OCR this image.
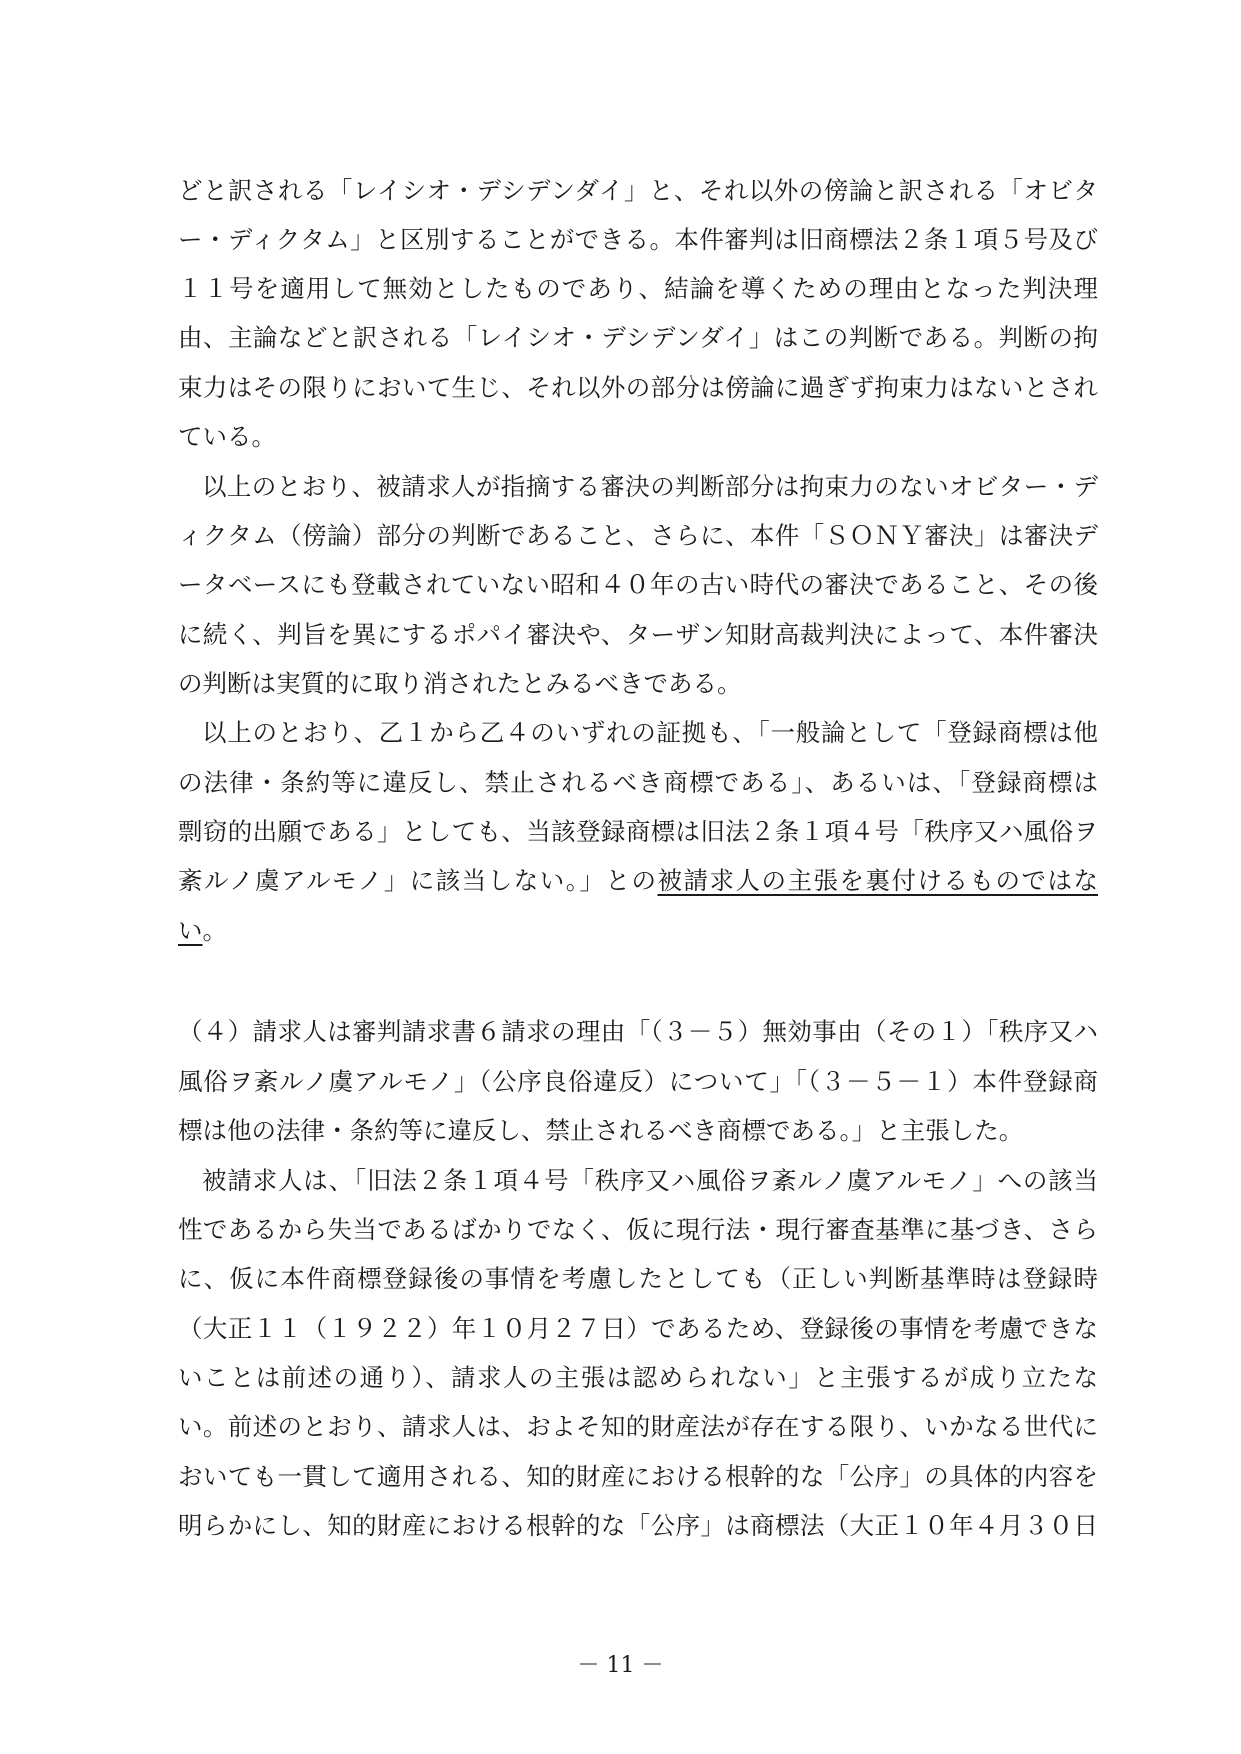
どと訳される「レイシオ・デシデンダイ」と、それ以外の傍論と訳される「オビタ
ー・ディクタム」と区別することができる。本件審判は旧商標法２条１項５号及び
１１号を適用して無効としたものであり、結論を導くための理由となった判決理
由、主論などと訳される「レイシオ・デシデンダイ」はこの判断である。判断の拘
束力はその限りにおいて生じ、それ以外の部分は傍論に過ぎず拘束力はないとされ
ている。
以上のとおり、被請求人が指摘する審決の判断部分は拘束力のないオビター・デ
ィクタム（傍論）部分の判断であること、さらに、本件「ＳＯＮＹ審決」は審決デ
ータベースにも登載されていない昭和４０年の古い時代の審決であること、その後
に続く、判旨を異にするポパイ審決や、ターザン知財高裁判決によって、本件審決
の判断は実質的に取り消されたとみるべきである。
以上のとおり、乙１から乙４のいずれの証拠も、「一般論として「登録商標は他
の法律・条約等に違反し、禁止されるべき商標である」、あるいは、「登録商標は
剽窃的出願である」としても、当該登録商標は旧法２条１項４号「秩序又ハ風俗ヲ
紊ルノ虞アルモノ」に該当しない。」との被請求人の主張を裏付けるものではな
い。
（４）請求人は審判請求書６請求の理由「（３－５）無効事由（その１）「秩序又ハ
風俗ヲ紊ルノ虞アルモノ」（公序良俗違反）について」「（３－５－１）本件登録商
標は他の法律・条約等に違反し、禁止されるべき商標である。」と主張した。
被請求人は、「旧法２条１項４号「秩序又ハ風俗ヲ紊ルノ虞アルモノ」への該当
性であるから失当であるばかりでなく、仮に現行法・現行審査基準に基づき、さら
に、仮に本件商標登録後の事情を考慮したとしても（正しい判断基準時は登録時
（大正１１（１９２２）年１０月２７日）であるため、登録後の事情を考慮できな
いことは前述の通り）、請求人の主張は認められない」と主張するが成り立たな
い。前述のとおり、請求人は、およそ知的財産法が存在する限り、いかなる世代に
おいても一貫して適用される、知的財産における根幹的な「公序」の具体的内容を
明らかにし、知的財産における根幹的な「公序」は商標法（大正１０年４月３０日
－ 11 －
